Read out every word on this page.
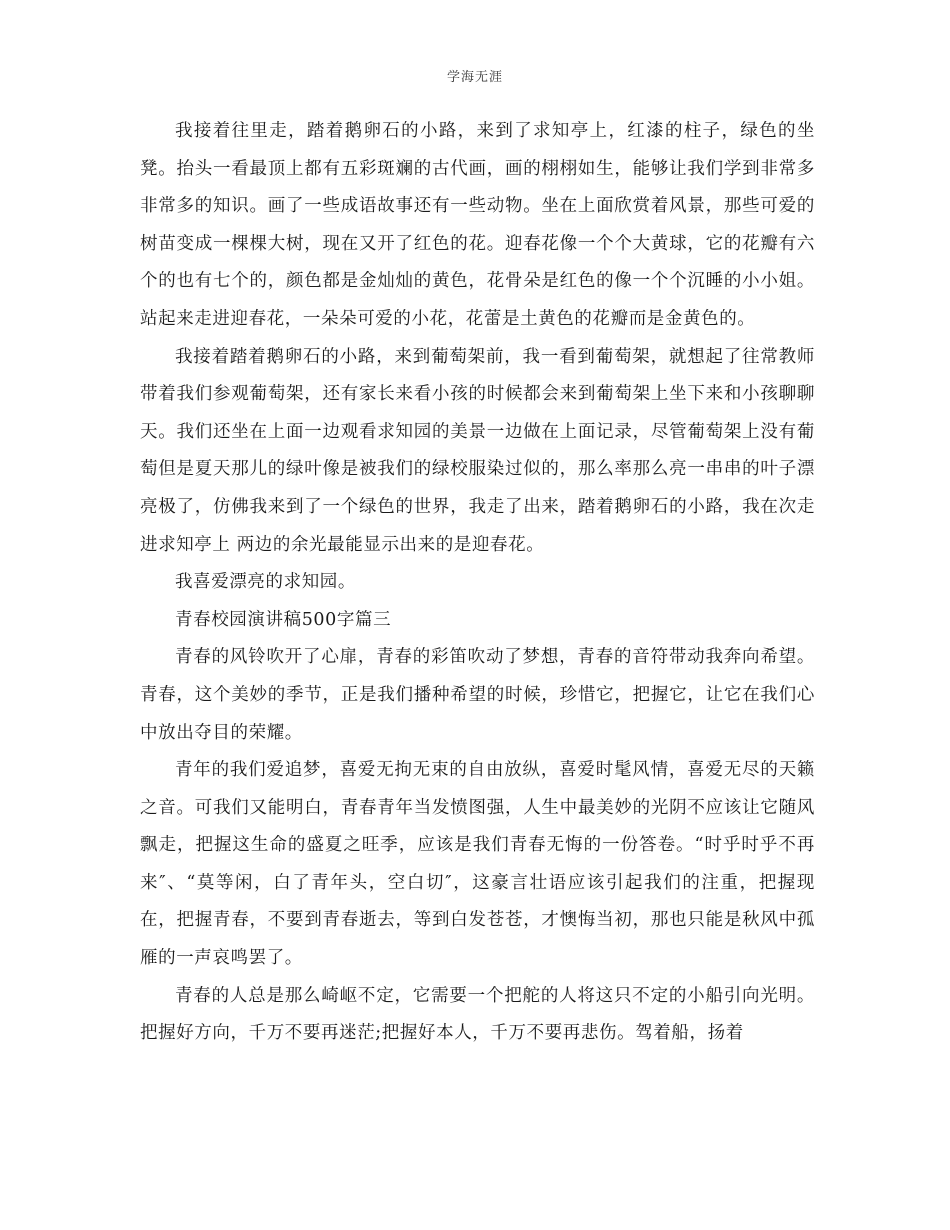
学海无涯

我接着往里走，踏着鹅卵石的小路，来到了求知亭上，红漆的柱子，绿色的坐凳。抬头一看最顶上都有五彩斑斓的古代画，画的栩栩如生，能够让我们学到非常多非常多的知识。画了一些成语故事还有一些动物。坐在上面欣赏着风景，那些可爱的树苗变成一棵棵大树，现在又开了红色的花。迎春花像一个个大黄球，它的花瓣有六个的也有七个的，颜色都是金灿灿的黄色，花骨朵是红色的像一个个沉睡的小小姐。站起来走进迎春花，一朵朵可爱的小花，花蕾是土黄色的花瓣而是金黄色的。

我接着踏着鹅卵石的小路，来到葡萄架前，我一看到葡萄架，就想起了往常教师带着我们参观葡萄架，还有家长来看小孩的时候都会来到葡萄架上坐下来和小孩聊聊天。我们还坐在上面一边观看求知园的美景一边做在上面记录，尽管葡萄架上没有葡萄但是夏天那儿的绿叶像是被我们的绿校服染过似的，那么率那么亮一串串的叶子漂亮极了，仿佛我来到了一个绿色的世界，我走了出来，踏着鹅卵石的小路，我在次走进求知亭上 两边的余光最能显示出来的是迎春花。

我喜爱漂亮的求知园。

青春校园演讲稿500字篇三

青春的风铃吹开了心扉，青春的彩笛吹动了梦想，青春的音符带动我奔向希望。青春，这个美妙的季节，正是我们播种希望的时候，珍惜它，把握它，让它在我们心中放出夺目的荣耀。

青年的我们爱追梦，喜爱无拘无束的自由放纵，喜爱时髦风情，喜爱无尽的天籁之音。可我们又能明白，青春青年当发愤图强，人生中最美妙的光阴不应该让它随风飘走，把握这生命的盛夏之旺季，应该是我们青春无悔的一份答卷。“时乎时乎不再来″、“莫等闲，白了青年头，空白切″，这豪言壮语应该引起我们的注重，把握现在，把握青春，不要到青春逝去，等到白发苍苍，才懊悔当初，那也只能是秋风中孤雁的一声哀鸣罢了。

青春的人总是那么崎岖不定，它需要一个把舵的人将这只不定的小船引向光明。把握好方向，千万不要再迷茫;把握好本人，千万不要再悲伤。驾着船，扬着
